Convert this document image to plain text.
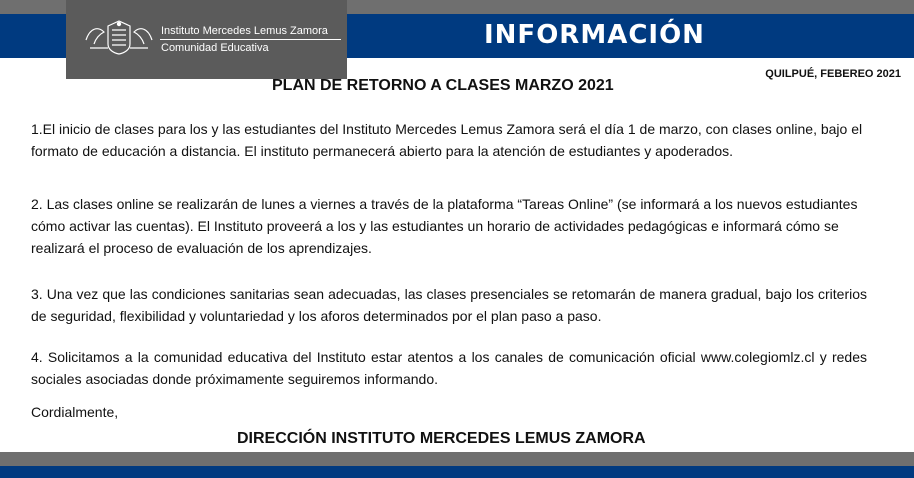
Instituto Mercedes Lemus Zamora
Comunidad Educativa	INFORMACIÓN
QUILPUÉ, FEBEREO 2021
PLAN DE RETORNO A CLASES MARZO 2021

1.El inicio de clases para los y las estudiantes del Instituto Mercedes Lemus Zamora será el día 1 de marzo, con clases online, bajo el formato de educación a distancia. El instituto permanecerá abierto para la atención de estudiantes y apoderados.

2. Las clases online se realizarán de lunes a viernes a través de la plataforma “Tareas Online” (se informará a los nuevos estudiantes cómo activar las cuentas). El Instituto proveerá a los y las estudiantes un horario de actividades pedagógicas e informará cómo se realizará el proceso de evaluación de los aprendizajes.

3. Una vez que las condiciones sanitarias sean adecuadas, las clases presenciales se retomarán de manera gradual, bajo los criterios de seguridad, flexibilidad y voluntariedad y los aforos determinados por el plan paso a paso.

4. Solicitamos a la comunidad educativa del Instituto estar atentos a los canales de comunicación oficial www.colegiomlz.cl y redes sociales asociadas donde próximamente seguiremos informando.

Cordialmente,
DIRECCIÓN INSTITUTO MERCEDES LEMUS ZAMORA
